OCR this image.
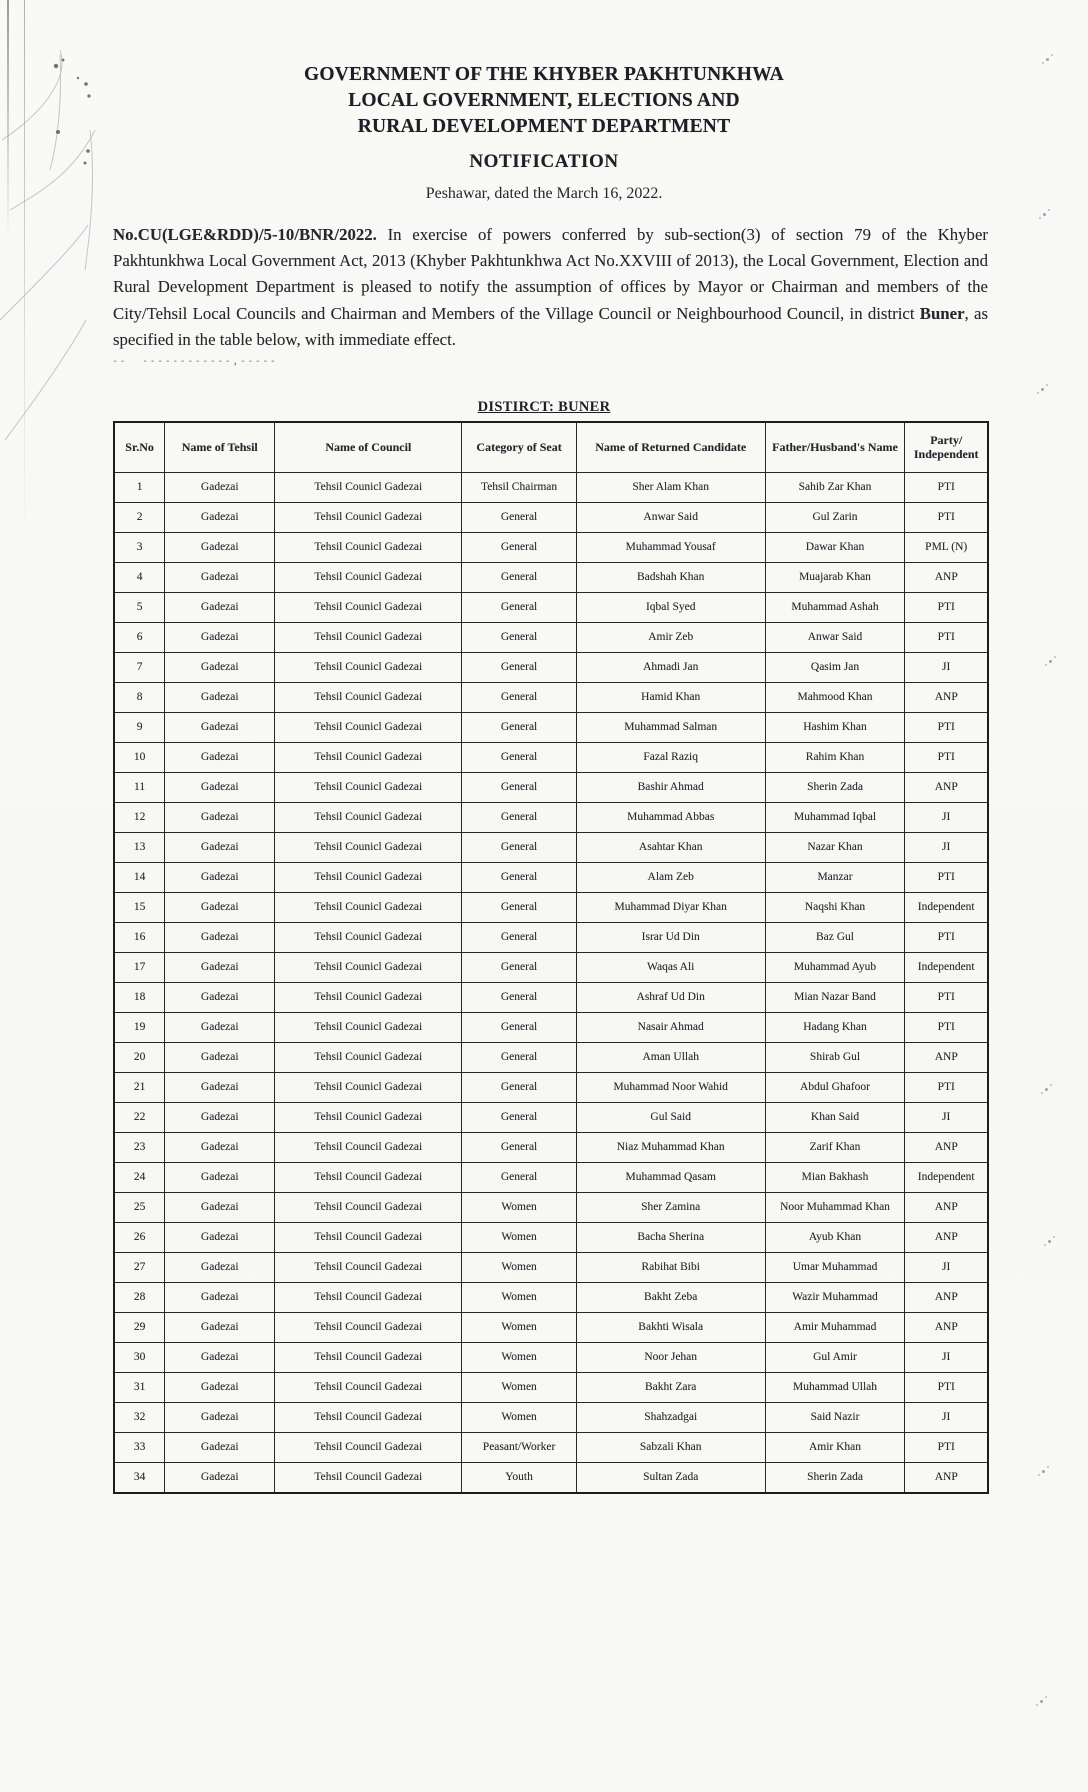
GOVERNMENT OF THE KHYBER PAKHTUNKHWA
LOCAL GOVERNMENT, ELECTIONS AND
RURAL DEVELOPMENT DEPARTMENT
NOTIFICATION
Peshawar, dated the March 16, 2022.

No.CU(LGE&RDD)/5-10/BNR/2022. In exercise of powers conferred by sub-section(3) of section 79 of the Khyber Pakhtunkhwa Local Government Act, 2013 (Khyber Pakhtunkhwa Act No.XXVIII of 2013), the Local Government, Election and Rural Development Department is pleased to notify the assumption of offices by Mayor or Chairman and members of the City/Tehsil Local Councils and Chairman and Members of the Village Council or Neighbourhood Council, in district Buner, as specified in the table below, with immediate effect.

--  ------------,-----
DISTIRCT: BUNER
Sr.No	Name of Tehsil	Name of Council	Category of Seat	Name of Returned Candidate	Father/Husband's Name	Party/ Independent
1	Gadezai	Tehsil Counicl Gadezai	Tehsil Chairman	Sher Alam Khan	Sahib Zar Khan	PTI
2	Gadezai	Tehsil Counicl Gadezai	General	Anwar Said	Gul Zarin	PTI
3	Gadezai	Tehsil Counicl Gadezai	General	Muhammad Yousaf	Dawar Khan	PML (N)
4	Gadezai	Tehsil Counicl Gadezai	General	Badshah Khan	Muajarab Khan	ANP
5	Gadezai	Tehsil Counicl Gadezai	General	Iqbal Syed	Muhammad Ashah	PTI
6	Gadezai	Tehsil Counicl Gadezai	General	Amir Zeb	Anwar Said	PTI
7	Gadezai	Tehsil Counicl Gadezai	General	Ahmadi Jan	Qasim Jan	JI
8	Gadezai	Tehsil Counicl Gadezai	General	Hamid Khan	Mahmood Khan	ANP
9	Gadezai	Tehsil Counicl Gadezai	General	Muhammad Salman	Hashim Khan	PTI
10	Gadezai	Tehsil Counicl Gadezai	General	Fazal Raziq	Rahim Khan	PTI
11	Gadezai	Tehsil Counicl Gadezai	General	Bashir Ahmad	Sherin Zada	ANP
12	Gadezai	Tehsil Counicl Gadezai	General	Muhammad Abbas	Muhammad Iqbal	JI
13	Gadezai	Tehsil Counicl Gadezai	General	Asahtar Khan	Nazar Khan	JI
14	Gadezai	Tehsil Counicl Gadezai	General	Alam Zeb	Manzar	PTI
15	Gadezai	Tehsil Counicl Gadezai	General	Muhammad Diyar Khan	Naqshi Khan	Independent
16	Gadezai	Tehsil Counicl Gadezai	General	Israr Ud Din	Baz Gul	PTI
17	Gadezai	Tehsil Counicl Gadezai	General	Waqas Ali	Muhammad Ayub	Independent
18	Gadezai	Tehsil Counicl Gadezai	General	Ashraf Ud Din	Mian Nazar Band	PTI
19	Gadezai	Tehsil Counicl Gadezai	General	Nasair Ahmad	Hadang Khan	PTI
20	Gadezai	Tehsil Counicl Gadezai	General	Aman Ullah	Shirab Gul	ANP
21	Gadezai	Tehsil Counicl Gadezai	General	Muhammad Noor Wahid	Abdul Ghafoor	PTI
22	Gadezai	Tehsil Counicl Gadezai	General	Gul Said	Khan Said	JI
23	Gadezai	Tehsil Council Gadezai	General	Niaz Muhammad Khan	Zarif Khan	ANP
24	Gadezai	Tehsil Council Gadezai	General	Muhammad Qasam	Mian Bakhash	Independent
25	Gadezai	Tehsil Council Gadezai	Women	Sher Zamina	Noor Muhammad Khan	ANP
26	Gadezai	Tehsil Council Gadezai	Women	Bacha Sherina	Ayub Khan	ANP
27	Gadezai	Tehsil Council Gadezai	Women	Rabihat Bibi	Umar Muhammad	JI
28	Gadezai	Tehsil Council Gadezai	Women	Bakht Zeba	Wazir Muhammad	ANP
29	Gadezai	Tehsil Council Gadezai	Women	Bakhti Wisala	Amir Muhammad	ANP
30	Gadezai	Tehsil Council Gadezai	Women	Noor Jehan	Gul Amir	JI
31	Gadezai	Tehsil Council Gadezai	Women	Bakht Zara	Muhammad Ullah	PTI
32	Gadezai	Tehsil Council Gadezai	Women	Shahzadgai	Said Nazir	JI
33	Gadezai	Tehsil Council Gadezai	Peasant/Worker	Sabzali Khan	Amir Khan	PTI
34	Gadezai	Tehsil Council Gadezai	Youth	Sultan Zada	Sherin Zada	ANP
